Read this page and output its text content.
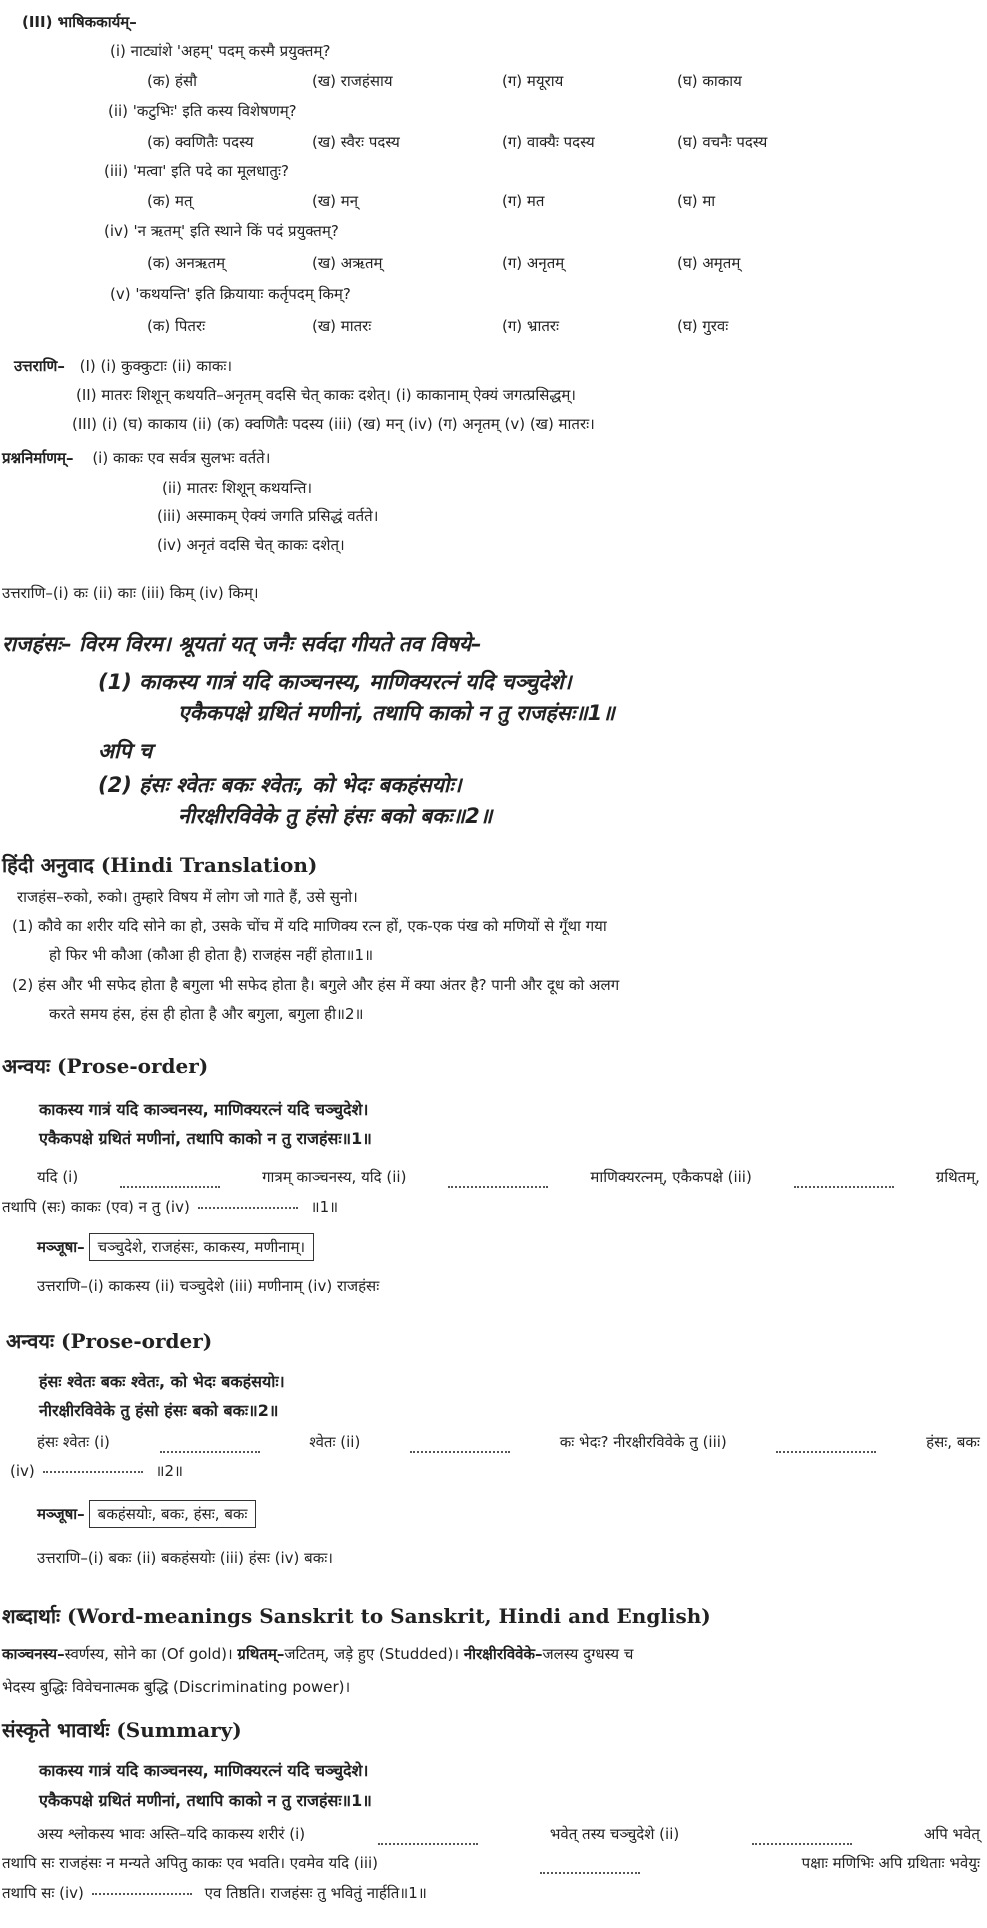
(III) भाषिककार्यम्–
(i) नाट्यांशे 'अहम्' पदम् कस्मै प्रयुक्तम्?
(क) हंसौ	(ख) राजहंसाय	(ग) मयूराय	(घ) काकाय
(ii) 'कटुभिः' इति कस्य विशेषणम्?
(क) क्वणितैः पदस्य	(ख) स्वैरः पदस्य	(ग) वाक्यैः पदस्य	(घ) वचनैः पदस्य
(iii) 'मत्वा' इति पदे का मूलधातुः?
(क) मत्	(ख) मन्	(ग) मत	(घ) मा
(iv) 'न ऋतम्' इति स्थाने किं पदं प्रयुक्तम्?
(क) अनऋतम्	(ख) अऋतम्	(ग) अनृतम्	(घ) अमृतम्
(v) 'कथयन्ति' इति क्रियायाः कर्तृपदम् किम्?
(क) पितरः	(ख) मातरः	(ग) भ्रातरः	(घ) गुरवः
उत्तराणि– (I) (i) कुक्कुटाः (ii) काकः।
(II) मातरः शिशून् कथयति–अनृतम् वदसि चेत् काकः दशेत्। (i) काकानाम् ऐक्यं जगत्प्रसिद्धम्।
(III) (i) (घ) काकाय (ii) (क) क्वणितैः पदस्य (iii) (ख) मन् (iv) (ग) अनृतम् (v) (ख) मातरः।
प्रश्ननिर्माणम्– (i) काकः एव सर्वत्र सुलभः वर्तते।
(ii) मातरः शिशून् कथयन्ति।
(iii) अस्माकम् ऐक्यं जगति प्रसिद्धं वर्तते।
(iv) अनृतं वदसि चेत् काकः दशेत्।
उत्तराणि–(i) कः (ii) काः (iii) किम् (iv) किम्।
राजहंसः– विरम विरम। श्रूयतां यत् जनैः सर्वदा गीयते तव विषये–
(1) काकस्य गात्रं यदि काञ्चनस्य, माणिक्यरत्नं यदि चञ्चुदेशे।
एकैकपक्षे ग्रथितं मणीनां, तथापि काको न तु राजहंसः॥1॥
अपि च
(2) हंसः श्वेतः बकः श्वेतः, को भेदः बकहंसयोः।
नीरक्षीरविवेके तु हंसो हंसः बको बकः॥2॥
हिंदी अनुवाद (Hindi Translation)
राजहंस–रुको, रुको। तुम्हारे विषय में लोग जो गाते हैं, उसे सुनो।
(1) कौवे का शरीर यदि सोने का हो, उसके चोंच में यदि माणिक्य रत्न हों, एक-एक पंख को मणियों से गूँथा गया
हो फिर भी कौआ (कौआ ही होता है) राजहंस नहीं होता॥1॥
(2) हंस और भी सफेद होता है बगुला भी सफेद होता है। बगुले और हंस में क्या अंतर है? पानी और दूध को अलग
करते समय हंस, हंस ही होता है और बगुला, बगुला ही॥2॥
अन्वयः (Prose-order)
काकस्य गात्रं यदि काञ्चनस्य, माणिक्यरत्नं यदि चञ्चुदेशे।
एकैकपक्षे ग्रथितं मणीनां, तथापि काको न तु राजहंसः॥1॥
यदि (i)	गात्रम् काञ्चनस्य, यदि (ii)	माणिक्यरत्नम्, एकैकपक्षे (iii)	ग्रथितम्,
तथापि (सः) काकः (एव) न तु (iv)	॥1॥
मञ्जूषा– चञ्चुदेशे, राजहंसः, काकस्य, मणीनाम्।
उत्तराणि–(i) काकस्य (ii) चञ्चुदेशे (iii) मणीनाम् (iv) राजहंसः
अन्वयः (Prose-order)
हंसः श्वेतः बकः श्वेतः, को भेदः बकहंसयोः।
नीरक्षीरविवेके तु हंसो हंसः बको बकः॥2॥
हंसः श्वेतः (i)	श्वेतः (ii)	कः भेदः? नीरक्षीरविवेके तु (iii)	हंसः, बकः
(iv)	॥2॥
मञ्जूषा– बकहंसयोः, बकः, हंसः, बकः
उत्तराणि–(i) बकः (ii) बकहंसयोः (iii) हंसः (iv) बकः।
शब्दार्थाः (Word-meanings Sanskrit to Sanskrit, Hindi and English)
काञ्चनस्य–स्वर्णस्य, सोने का (Of gold)। ग्रथितम्–जटितम्, जड़े हुए (Studded)। नीरक्षीरविवेके–जलस्य दुग्धस्य च
भेदस्य बुद्धिः विवेचनात्मक बुद्धि (Discriminating power)।
संस्कृते भावार्थः (Summary)
काकस्य गात्रं यदि काञ्चनस्य, माणिक्यरत्नं यदि चञ्चुदेशे।
एकैकपक्षे ग्रथितं मणीनां, तथापि काको न तु राजहंसः॥1॥
अस्य श्लोकस्य भावः अस्ति–यदि काकस्य शरीरं (i)	भवेत् तस्य चञ्चुदेशे (ii)	अपि भवेत्
तथापि सः राजहंसः न मन्यते अपितु काकः एव भवति। एवमेव यदि (iii)	पक्षाः मणिभिः अपि ग्रथिताः भवेयुः
तथापि सः (iv)	एव तिष्ठति। राजहंसः तु भवितुं नार्हति॥1॥
